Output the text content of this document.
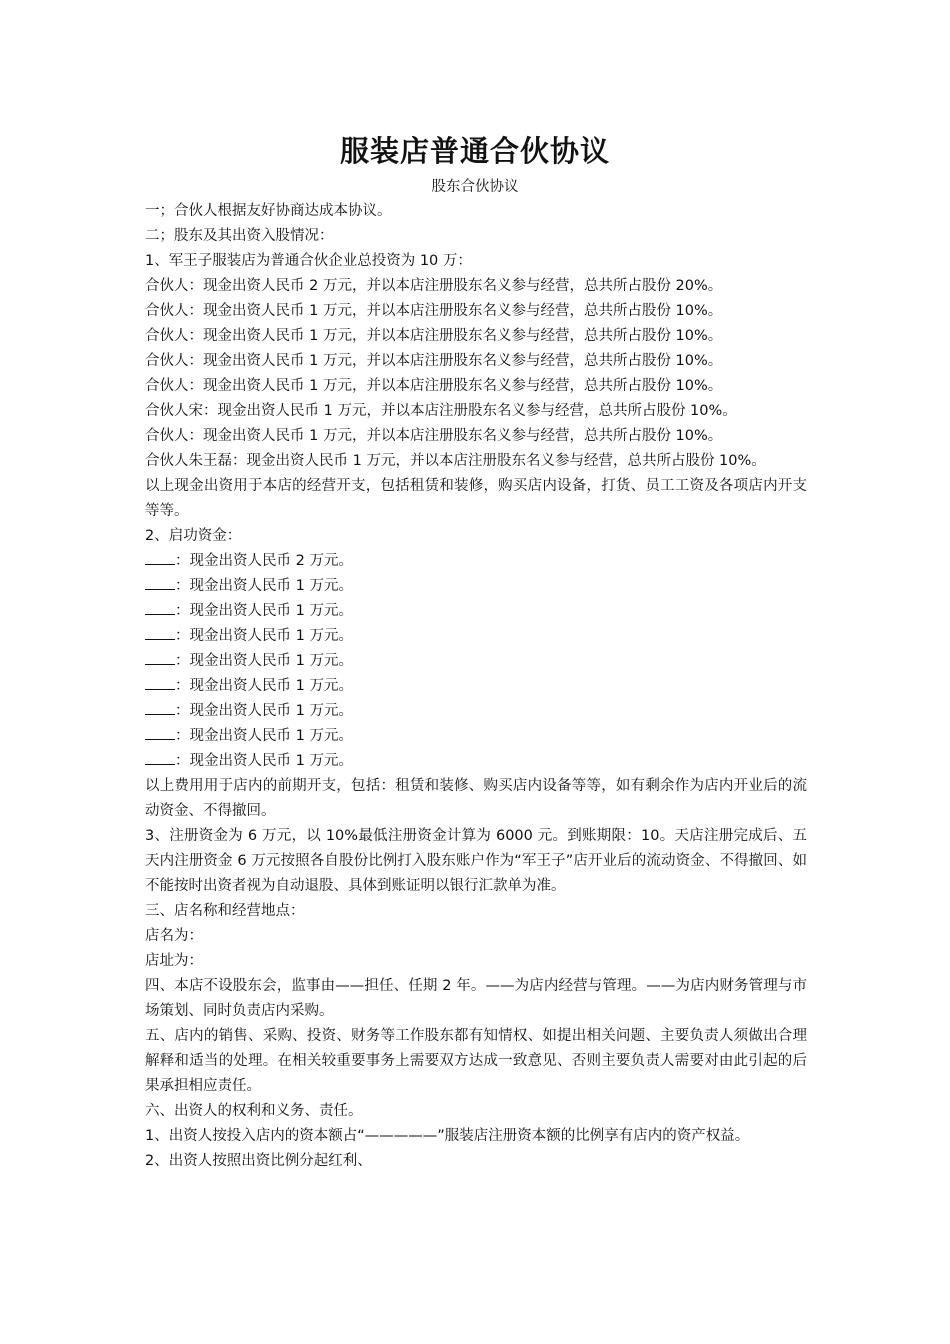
服装店普通合伙协议
股东合伙协议

一；合伙人根据友好协商达成本协议。

二；股东及其出资入股情况：

1、军王子服装店为普通合伙企业总投资为 10 万：

合伙人：现金出资人民币 2 万元，并以本店注册股东名义参与经营，总共所占股份 20%。

合伙人：现金出资人民币 1 万元，并以本店注册股东名义参与经营，总共所占股份 10%。

合伙人：现金出资人民币 1 万元，并以本店注册股东名义参与经营，总共所占股份 10%。

合伙人：现金出资人民币 1 万元，并以本店注册股东名义参与经营，总共所占股份 10%。

合伙人：现金出资人民币 1 万元，并以本店注册股东名义参与经营，总共所占股份 10%。

合伙人宋：现金出资人民币 1 万元，并以本店注册股东名义参与经营，总共所占股份 10%。

合伙人：现金出资人民币 1 万元，并以本店注册股东名义参与经营，总共所占股份 10%。

合伙人朱王磊：现金出资人民币 1 万元，并以本店注册股东名义参与经营，总共所占股份 10%。

以上现金出资用于本店的经营开支，包括租赁和装修，购买店内设备，打货、员工工资及各项店内开支等等。

2、启功资金：

：现金出资人民币 2 万元。

：现金出资人民币 1 万元。

：现金出资人民币 1 万元。

：现金出资人民币 1 万元。

：现金出资人民币 1 万元。

：现金出资人民币 1 万元。

：现金出资人民币 1 万元。

：现金出资人民币 1 万元。

：现金出资人民币 1 万元。

以上费用用于店内的前期开支，包括：租赁和装修、购买店内设备等等，如有剩余作为店内开业后的流动资金、不得撤回。

3、注册资金为 6 万元，以 10%最低注册资金计算为 6000 元。到账期限：10。天店注册完成后、五天内注册资金 6 万元按照各自股份比例打入股东账户作为“军王子”店开业后的流动资金、不得撤回、如不能按时出资者视为自动退股、具体到账证明以银行汇款单为准。

三、店名称和经营地点：

店名为：

店址为：

四、本店不设股东会，监事由——担任、任期 2 年。——为店内经营与管理。——为店内财务管理与市场策划、同时负责店内采购。

五、店内的销售、采购、投资、财务等工作股东都有知情权、如提出相关问题、主要负责人须做出合理解释和适当的处理。在相关较重要事务上需要双方达成一致意见、否则主要负责人需要对由此引起的后果承担相应责任。

六、出资人的权利和义务、责任。

1、出资人按投入店内的资本额占“—————”服装店注册资本额的比例享有店内的资产权益。

2、出资人按照出资比例分起红利、
